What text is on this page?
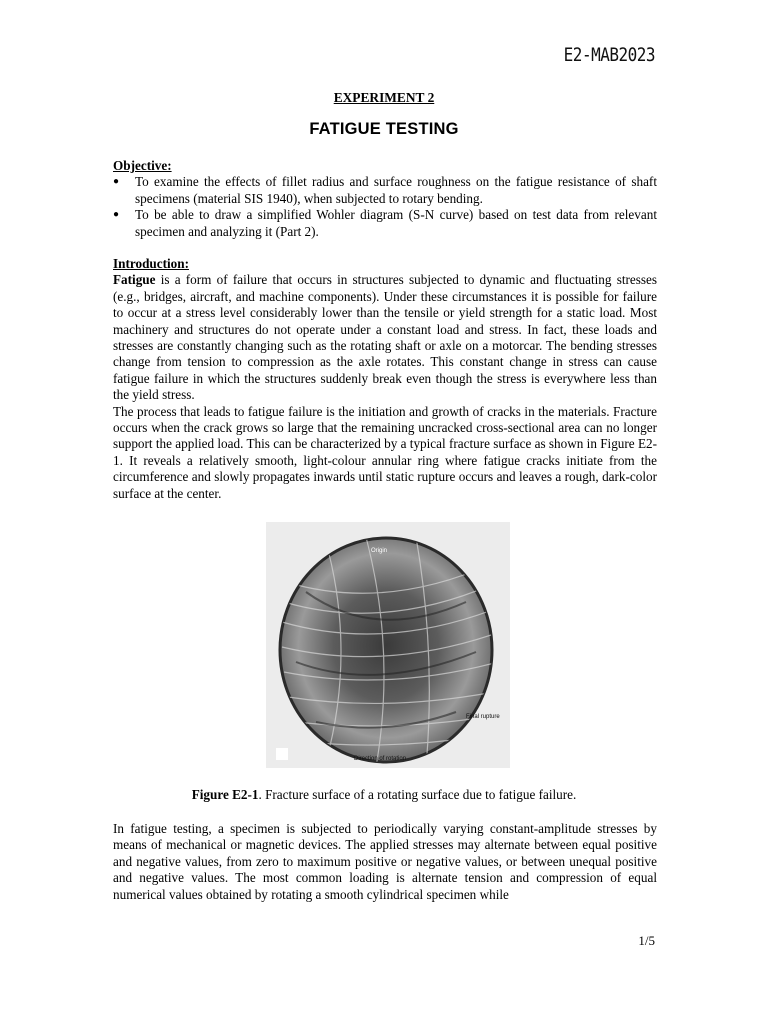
E2-MAB2023
EXPERIMENT 2
FATIGUE TESTING
Objective:
● To examine the effects of fillet radius and surface roughness on the fatigue resistance of shaft specimens (material SIS 1940), when subjected to rotary bending.
● To be able to draw a simplified Wohler diagram (S-N curve) based on test data from relevant specimen and analyzing it (Part 2).
Introduction:

Fatigue is a form of failure that occurs in structures subjected to dynamic and fluctuating stresses (e.g., bridges, aircraft, and machine components). Under these circumstances it is possible for failure to occur at a stress level considerably lower than the tensile or yield strength for a static load. Most machinery and structures do not operate under a constant load and stress. In fact, these loads and stresses are constantly changing such as the rotating shaft or axle on a motorcar. The bending stresses change from tension to compression as the axle rotates. This constant change in stress can cause fatigue failure in which the structures suddenly break even though the stress is everywhere less than the yield stress.

The process that leads to fatigue failure is the initiation and growth of cracks in the materials. Fracture occurs when the crack grows so large that the remaining uncracked cross-sectional area can no longer support the applied load. This can be characterized by a typical fracture surface as shown in Figure E2-1. It reveals a relatively smooth, light-colour annular ring where fatigue cracks initiate from the circumference and slowly propagates inwards until static rupture occurs and leaves a rough, dark-color surface at the center.

Origin
Final rupture
Direction of rotation
Figure E2-1. Fracture surface of a rotating surface due to fatigue failure.

In fatigue testing, a specimen is subjected to periodically varying constant-amplitude stresses by means of mechanical or magnetic devices. The applied stresses may alternate between equal positive and negative values, from zero to maximum positive or negative values, or between unequal positive and negative values. The most common loading is alternate tension and compression of equal numerical values obtained by rotating a smooth cylindrical specimen while

1/5
